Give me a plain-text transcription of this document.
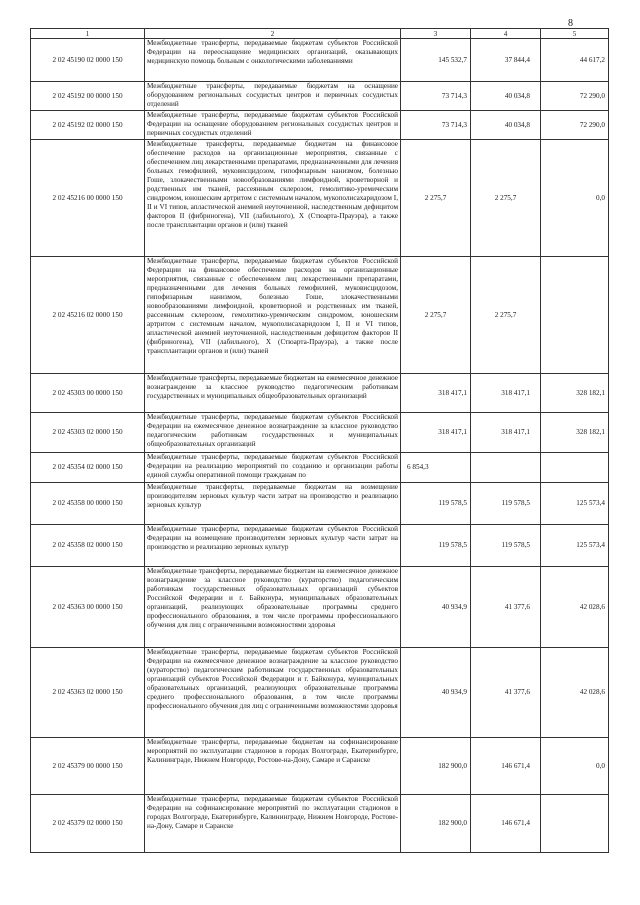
8
1	2	3	4	5
2 02 45190 02 0000 150	Межбюджетные трансферты, передаваемые бюджетам субъектов Российской Федерации на переоснащение медицинских организаций, оказывающих медицинскую помощь больным с онкологическими заболеваниями	145 532,7	37 844,4	44 617,2
2 02 45192 00 0000 150	Межбюджетные трансферты, передаваемые бюджетам на оснащение оборудованием региональных сосудистых центров и первичных сосудистых отделений	73 714,3	40 034,8	72 290,0
2 02 45192 02 0000 150	Межбюджетные трансферты, передаваемые бюджетам субъектов Российской Федерации на оснащение оборудованием региональных сосудистых центров и первичных сосудистых отделений	73 714,3	40 034,8	72 290,0
2 02 45216 00 0000 150	Межбюджетные трансферты, передаваемые бюджетам на финансовое обеспечение расходов на организационные мероприятия, связанные с обеспечением лиц лекарственными препаратами, предназначенными для лечения больных гемофилией, муковисцидозом, гипофизарным нанизмом, болезнью Гоше, злокачественными новообразованиями лимфоидной, кроветворной и родственных им тканей, рассеянным склерозом, гемолитико-уремическим синдромом, юношеским артритом с системным началом, мукополисахаридозом I, II и VI типов, апластической анемией неуточненной, наследственным дефицитом факторов II (фибриногена), VII (лабильного), X (Стюарта-Прауэра), а также после трансплантации органов и (или) тканей	2 275,7	2 275,7	0,0
2 02 45216 02 0000 150	Межбюджетные трансферты, передаваемые бюджетам субъектов Российской Федерации на финансовое обеспечение расходов на организационные мероприятия, связанные с обеспечением лиц лекарственными препаратами, предназначенными для лечения больных гемофилией, муковисцидозом, гипофизарным нанизмом, болезнью Гоше, злокачественными новообразованиями лимфоидной, кроветворной и родственных им тканей, рассеянным склерозом, гемолитико-уремическим синдромом, юношеским артритом с системным началом, мукополисахаридозом I, II и VI типов, апластической анемией неуточненной, наследственным дефицитом факторов II (фибриногена), VII (лабильного), X (Стюарта-Прауэра), а также после трансплантации органов и (или) тканей	2 275,7	2 275,7	
2 02 45303 00 0000 150	Межбюджетные трансферты, передаваемые бюджетам на ежемесячное денежное вознаграждение за классное руководство педагогическим работникам государственных и муниципальных общеобразовательных организаций	318 417,1	318 417,1	328 182,1
2 02 45303 02 0000 150	Межбюджетные трансферты, передаваемые бюджетам субъектов Российской Федерации на ежемесячное денежное вознаграждение за классное руководство педагогическим работникам государственных и муниципальных общеобразовательных организаций	318 417,1	318 417,1	328 182,1
2 02 45354 02 0000 150	Межбюджетные трансферты, передаваемые бюджетам субъектов Российской Федерации на реализацию мероприятий по созданию и организации работы единой службы оперативной помощи гражданам по	6 854,3		
2 02 45358 00 0000 150	Межбюджетные трансферты, передаваемые бюджетам на возмещение производителям зерновых культур части затрат на производство и реализацию зерновых культур	119 578,5	119 578,5	125 573,4
2 02 45358 02 0000 150	Межбюджетные трансферты, передаваемые бюджетам субъектов Российской Федерации на возмещение производителям зерновых культур части затрат на производство и реализацию зерновых культур	119 578,5	119 578,5	125 573,4
2 02 45363 00 0000 150	Межбюджетные трансферты, передаваемые бюджетам на ежемесячное денежное вознаграждение за классное руководство (кураторство) педагогическим работникам государственных образовательных организаций субъектов Российской Федерации и г. Байконура, муниципальных образовательных организаций, реализующих образовательные программы среднего профессионального образования, в том числе программы профессионального обучения для лиц с ограниченными возможностями здоровья	40 934,9	41 377,6	42 028,6
2 02 45363 02 0000 150	Межбюджетные трансферты, передаваемые бюджетам субъектов Российской Федерации на ежемесячное денежное вознаграждение за классное руководство (кураторство) педагогическим работникам государственных образовательных организаций субъектов Российской Федерации и г. Байконура, муниципальных образовательных организаций, реализующих образовательные программы среднего профессионального образования, в том числе программы профессионального обучения для лиц с ограниченными возможностями здоровья	40 934,9	41 377,6	42 028,6
2 02 45379 00 0000 150	Межбюджетные трансферты, передаваемые бюджетам на софинансирование мероприятий по эксплуатации стадионов в городах Волгограде, Екатеринбурге, Калининграде, Нижнем Новгороде, Ростове-на-Дону, Самаре и Саранске	182 900,0	146 671,4	0,0
2 02 45379 02 0000 150	Межбюджетные трансферты, передаваемые бюджетам субъектов Российской Федерации на софинансирование мероприятий по эксплуатации стадионов в городах Волгограде, Екатеринбурге, Калининграде, Нижнем Новгороде, Ростове-на-Дону, Самаре и Саранске	182 900,0	146 671,4	
